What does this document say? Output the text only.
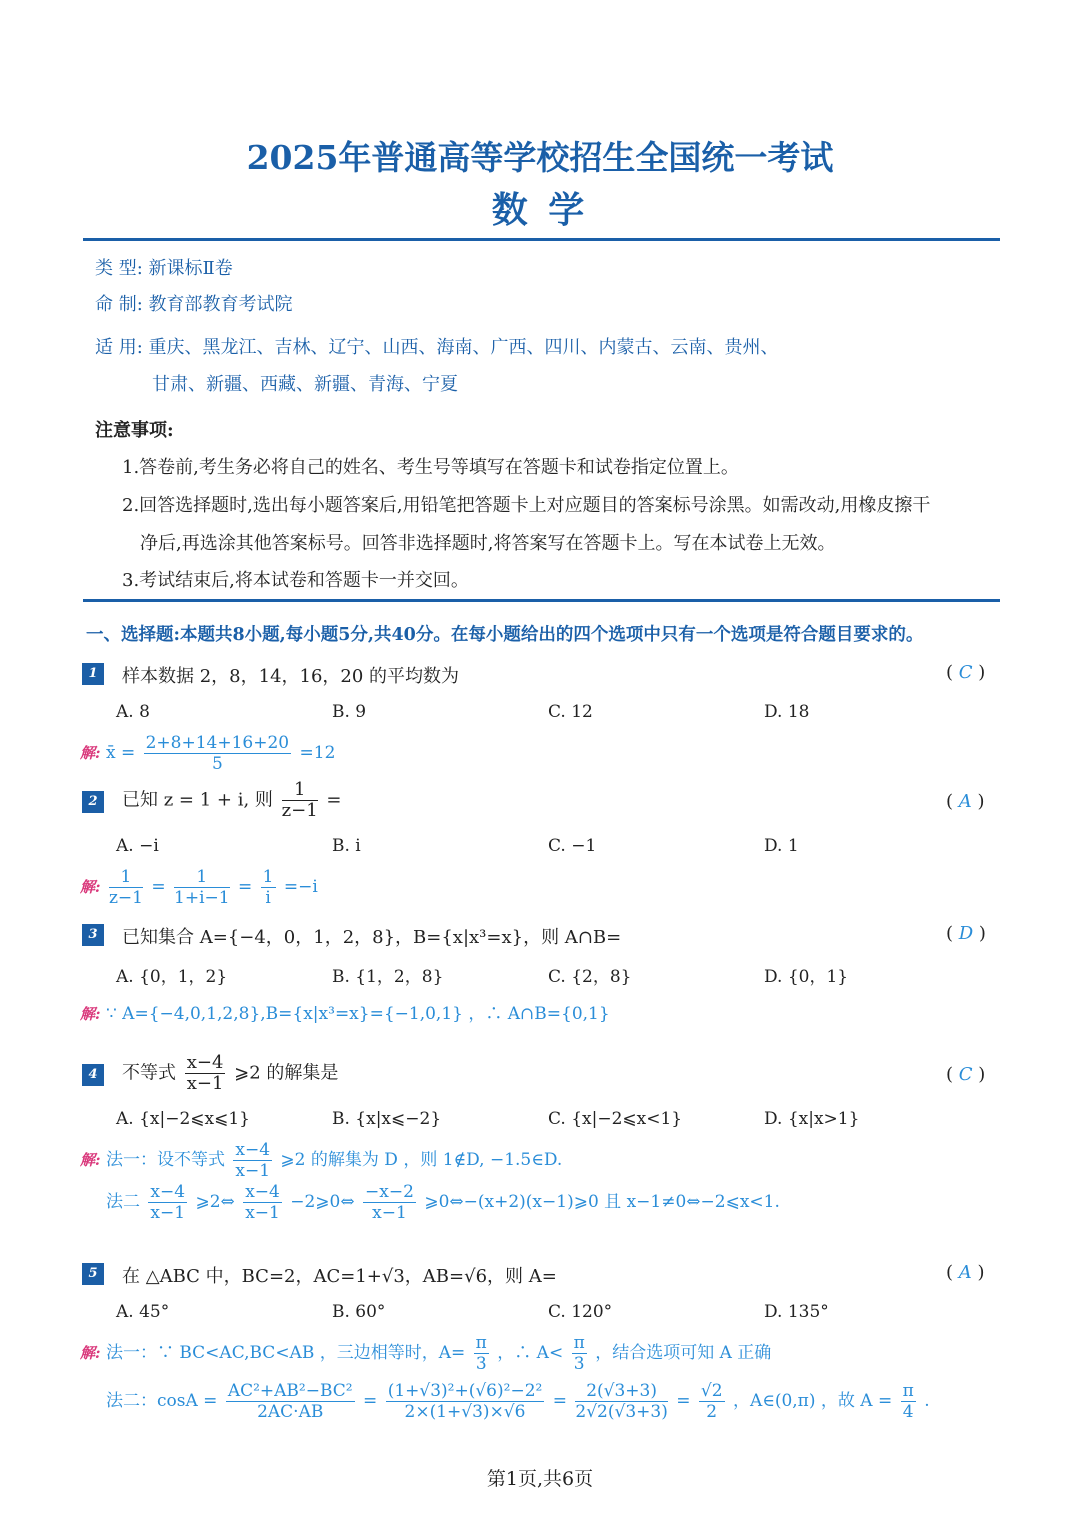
2025年普通高等学校招生全国统一考试
数 学
类 型: 新课标Ⅱ卷
命 制: 教育部教育考试院
适 用: 重庆、黑龙江、吉林、辽宁、山西、海南、广西、四川、内蒙古、云南、贵州、
甘肃、新疆、西藏、新疆、青海、宁夏
注意事项:
1.答卷前,考生务必将自己的姓名、考生号等填写在答题卡和试卷指定位置上。
2.回答选择题时,选出每小题答案后,用铅笔把答题卡上对应题目的答案标号涂黑。如需改动,用橡皮擦干
净后,再选涂其他答案标号。回答非选择题时,将答案写在答题卡上。写在本试卷上无效。
3.考试结束后,将本试卷和答题卡一并交回。
一、选择题:本题共8小题,每小题5分,共40分。在每小题给出的四个选项中只有一个选项是符合题目要求的。
1	样本数据 2，8，14，16，20 的平均数为	( C )
A. 8	B. 9	C. 12	D. 18
解: x̄ = $\frac{2+8+14+16+20}{5} =12$
2	已知 z = 1 + i, 则 $\frac{1}{z-1}$ =	( A )
A. −i	B. i	C. −1	D. 1
解: $\frac{1}{z-1} = \frac{1}{1+i-1} = \frac{1}{i} =-i$
3	已知集合 A={−4，0，1，2，8}，B={x|x³=x}，则 A∩B=	( D )
A. {0，1，2}	B. {1，2，8}	C. {2，8}	D. {0，1}
解: ∵ A={−4,0,1,2,8},B={x|x³=x}={−1,0,1} ，∴ A∩B={0,1}
4	不等式 $\frac{x-4}{x-1}$ ⩾2 的解集是	( C )
A. {x|−2⩽x⩽1}	B. {x|x⩽−2}	C. {x|−2⩽x<1}	D. {x|x>1}
解: 法一：设不等式 $\frac{x-4}{x-1}$ ⩾2 的解集为 D ，则 1∉D, −1.5∈D.
法二 $\frac{x-4}{x-1}$ ⩾2⇔ $\frac{x-4}{x-1}$ −2⩾0⇔ $\frac{-x-2}{x-1}$ ⩾0⇔−(x+2)(x−1)⩾0 且 x−1≠0⇔−2⩽x<1.
5	在 △ABC 中，BC=2，AC=1+√3，AB=√6，则 A=	( A )
A. 45°	B. 60°	C. 120°	D. 135°
解: 法一：∵ BC<AC,BC<AB ，三边相等时，$A= \frac{\pi}{3}$ ，∴ $A< \frac{\pi}{3}$ ，结合选项可知 A 正确
法二：$\cos A = \frac{\text{AC²+AB²−BC²}}{2AC\cdot AB} = \frac{\text{(1+√3)²+(√6)²−2²}}{2\times(1+√3)\times√6} = \frac{2(√3+3)}{2√2(√3+3)} = \frac{√2}{2}$ ，A∈(0,π) ，故 $A = \frac{\pi}{4}$ .
第1页,共6页
